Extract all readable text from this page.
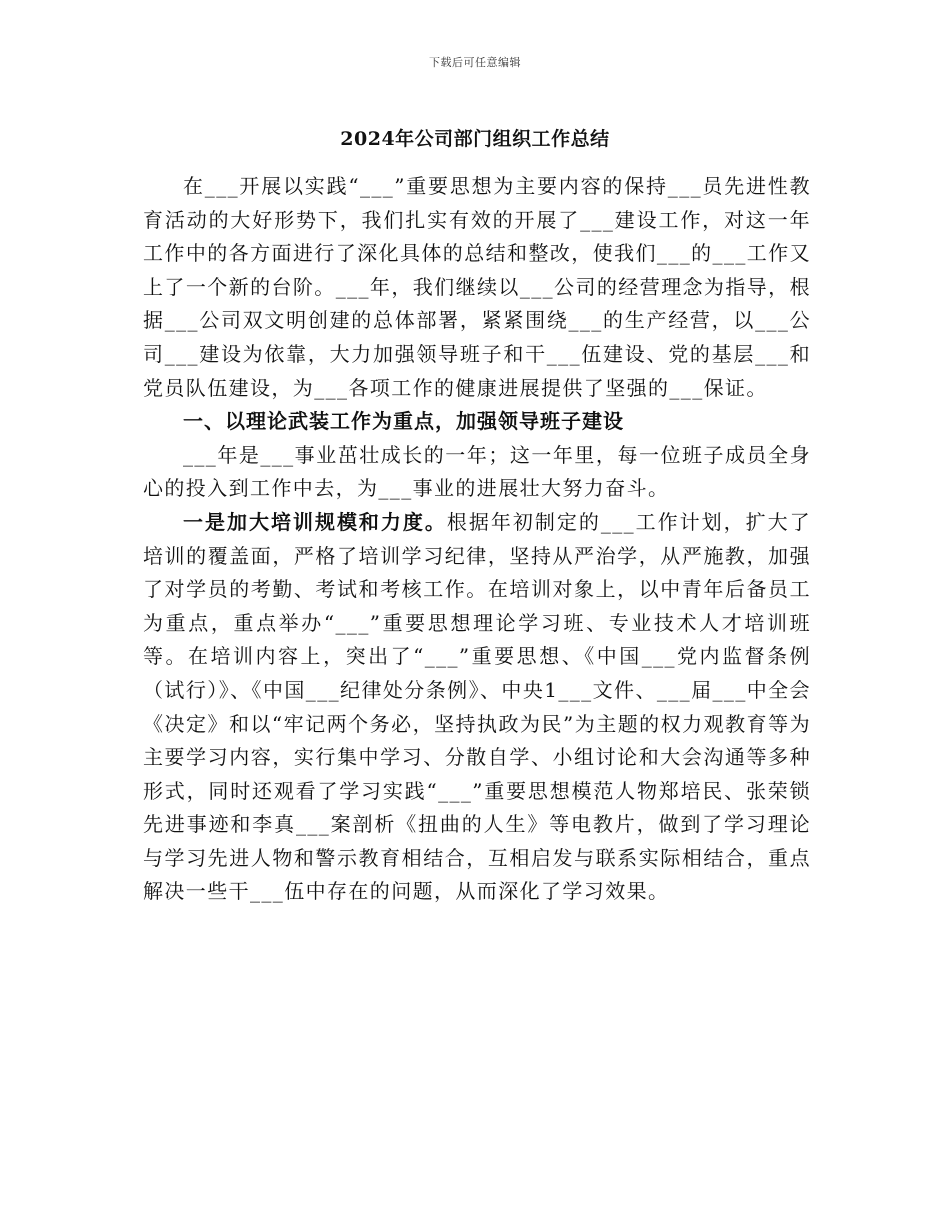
下载后可任意编辑
2024年公司部门组织工作总结

在___开展以实践“___”重要思想为主要内容的保持___员先进性教育活动的大好形势下，我们扎实有效的开展了___建设工作，对这一年工作中的各方面进行了深化具体的总结和整改，使我们___的___工作又上了一个新的台阶。___年，我们继续以___公司的经营理念为指导，根据___公司双文明创建的总体部署，紧紧围绕___的生产经营，以___公司___建设为依靠，大力加强领导班子和干___伍建设、党的基层___和党员队伍建设，为___各项工作的健康进展提供了坚强的___保证。

一、以理论武装工作为重点，加强领导班子建设

___年是___事业茁壮成长的一年；这一年里，每一位班子成员全身心的投入到工作中去，为___事业的进展壮大努力奋斗。

一是加大培训规模和力度。根据年初制定的___工作计划，扩大了培训的覆盖面，严格了培训学习纪律，坚持从严治学，从严施教，加强了对学员的考勤、考试和考核工作。在培训对象上，以中青年后备员工为重点，重点举办“___”重要思想理论学习班、专业技术人才培训班等。在培训内容上，突出了“___”重要思想、《中国___党内监督条例（试行）》、《中国___纪律处分条例》、中央1___文件、___届___中全会《决定》和以“牢记两个务必，坚持执政为民”为主题的权力观教育等为主要学习内容，实行集中学习、分散自学、小组讨论和大会沟通等多种形式，同时还观看了学习实践“___”重要思想模范人物郑培民、张荣锁先进事迹和李真___案剖析《扭曲的人生》等电教片，做到了学习理论与学习先进人物和警示教育相结合，互相启发与联系实际相结合，重点解决一些干___伍中存在的问题，从而深化了学习效果。
